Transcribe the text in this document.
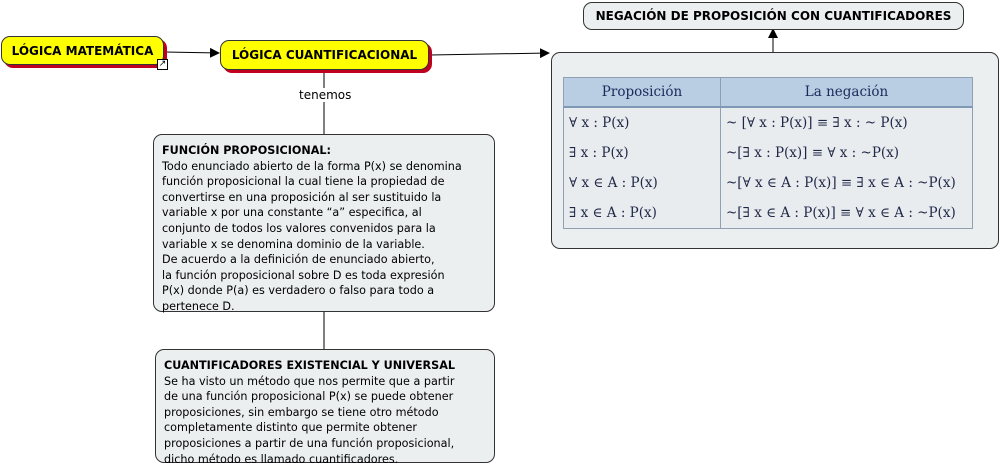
LÓGICA MATEMÁTICA
↗
LÓGICA CUANTIFICACIONAL
tenemos
NEGACIÓN DE PROPOSICIÓN CON CUANTIFICADORES
Proposición	La negación
∀ x : P(x)	~ [∀ x : P(x)] ≡ ∃ x : ~ P(x)
∃ x : P(x)	~[∃ x : P(x)] ≡ ∀ x : ~P(x)
∀ x ∈ A : P(x)	~[∀ x ∈ A : P(x)] ≡ ∃ x ∈ A : ~P(x)
∃ x ∈ A : P(x)	~[∃ x ∈ A : P(x)] ≡ ∀ x ∈ A : ~P(x)
FUNCIÓN PROPOSICIONAL:
Todo enunciado abierto de la forma P(x) se denomina
función proposicional la cual tiene la propiedad de
convertirse en una proposición al ser sustituido la
variable x por una constante “a” especifica, al
conjunto de todos los valores convenidos para la
variable x se denomina dominio de la variable.
De acuerdo a la definición de enunciado abierto,
la función proposicional sobre D es toda expresión
P(x) donde P(a) es verdadero o falso para todo a
pertenece D.
CUANTIFICADORES EXISTENCIAL Y UNIVERSAL
Se ha visto un método que nos permite que a partir
de una función proposicional P(x) se puede obtener
proposiciones, sin embargo se tiene otro método
completamente distinto que permite obtener
proposiciones a partir de una función proposicional,
dicho método es llamado cuantificadores.
